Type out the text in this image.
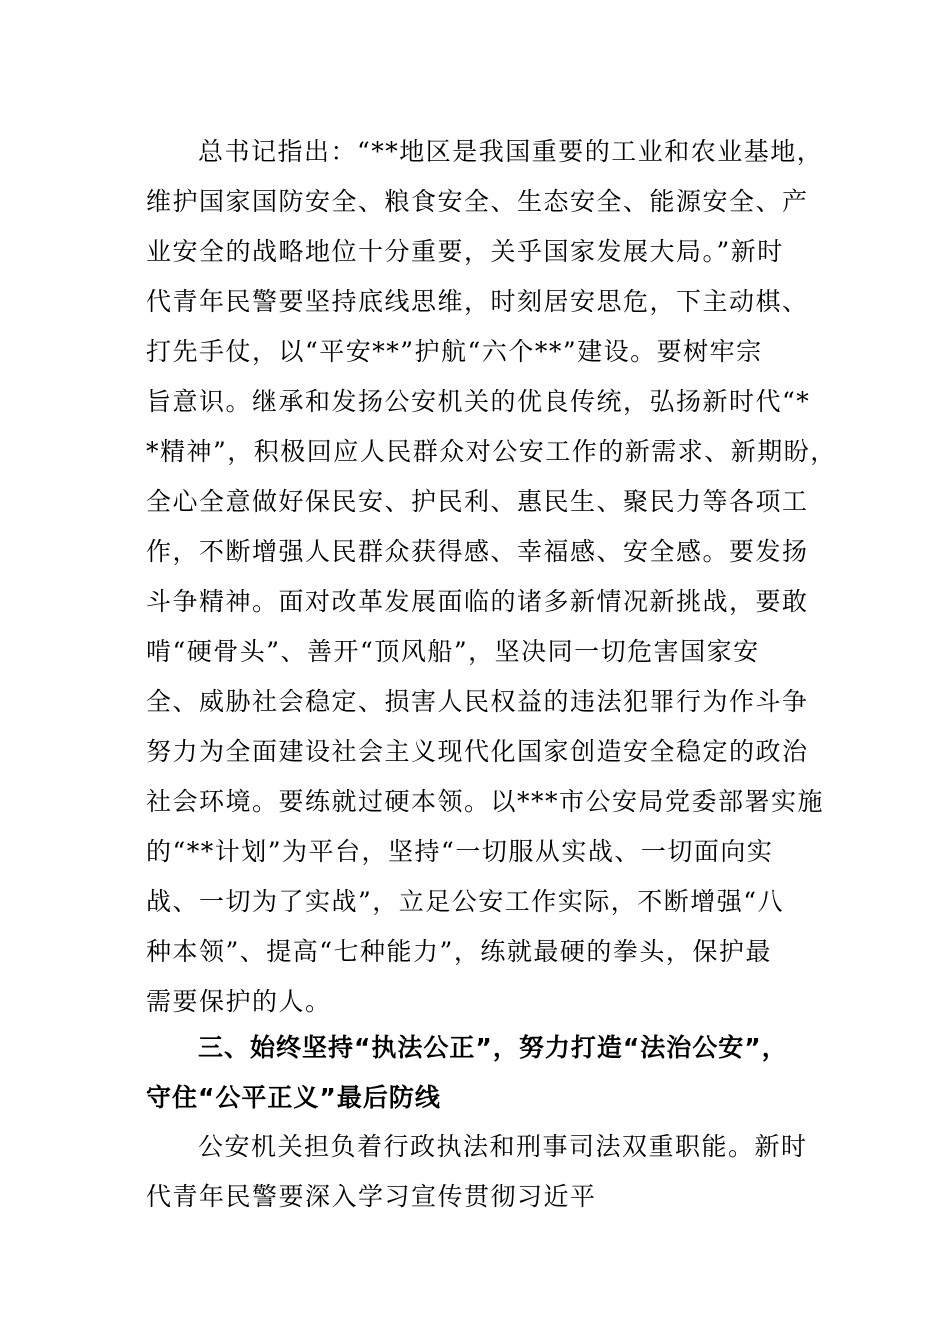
总书记指出：“**地区是我国重要的工业和农业基地，
维护国家国防安全、粮食安全、生态安全、能源安全、产
业安全的战略地位十分重要，关乎国家发展大局。”新时
代青年民警要坚持底线思维，时刻居安思危，下主动棋、
打先手仗，以“平安**”护航“六个**”建设。要树牢宗
旨意识。继承和发扬公安机关的优良传统，弘扬新时代“*
*精神”，积极回应人民群众对公安工作的新需求、新期盼，
全心全意做好保民安、护民利、惠民生、聚民力等各项工
作，不断增强人民群众获得感、幸福感、安全感。要发扬
斗争精神。面对改革发展面临的诸多新情况新挑战，要敢
啃“硬骨头”、善开“顶风船”，坚决同一切危害国家安
全、威胁社会稳定、损害人民权益的违法犯罪行为作斗争
努力为全面建设社会主义现代化国家创造安全稳定的政治
社会环境。要练就过硬本领。以***市公安局党委部署实施
的“**计划”为平台，坚持“一切服从实战、一切面向实
战、一切为了实战”，立足公安工作实际，不断增强“八
种本领”、提高“七种能力”，练就最硬的拳头，保护最
需要保护的人。
三、始终坚持“执法公正”，努力打造“法治公安”，
守住“公平正义”最后防线
公安机关担负着行政执法和刑事司法双重职能。新时
代青年民警要深入学习宣传贯彻习近平
